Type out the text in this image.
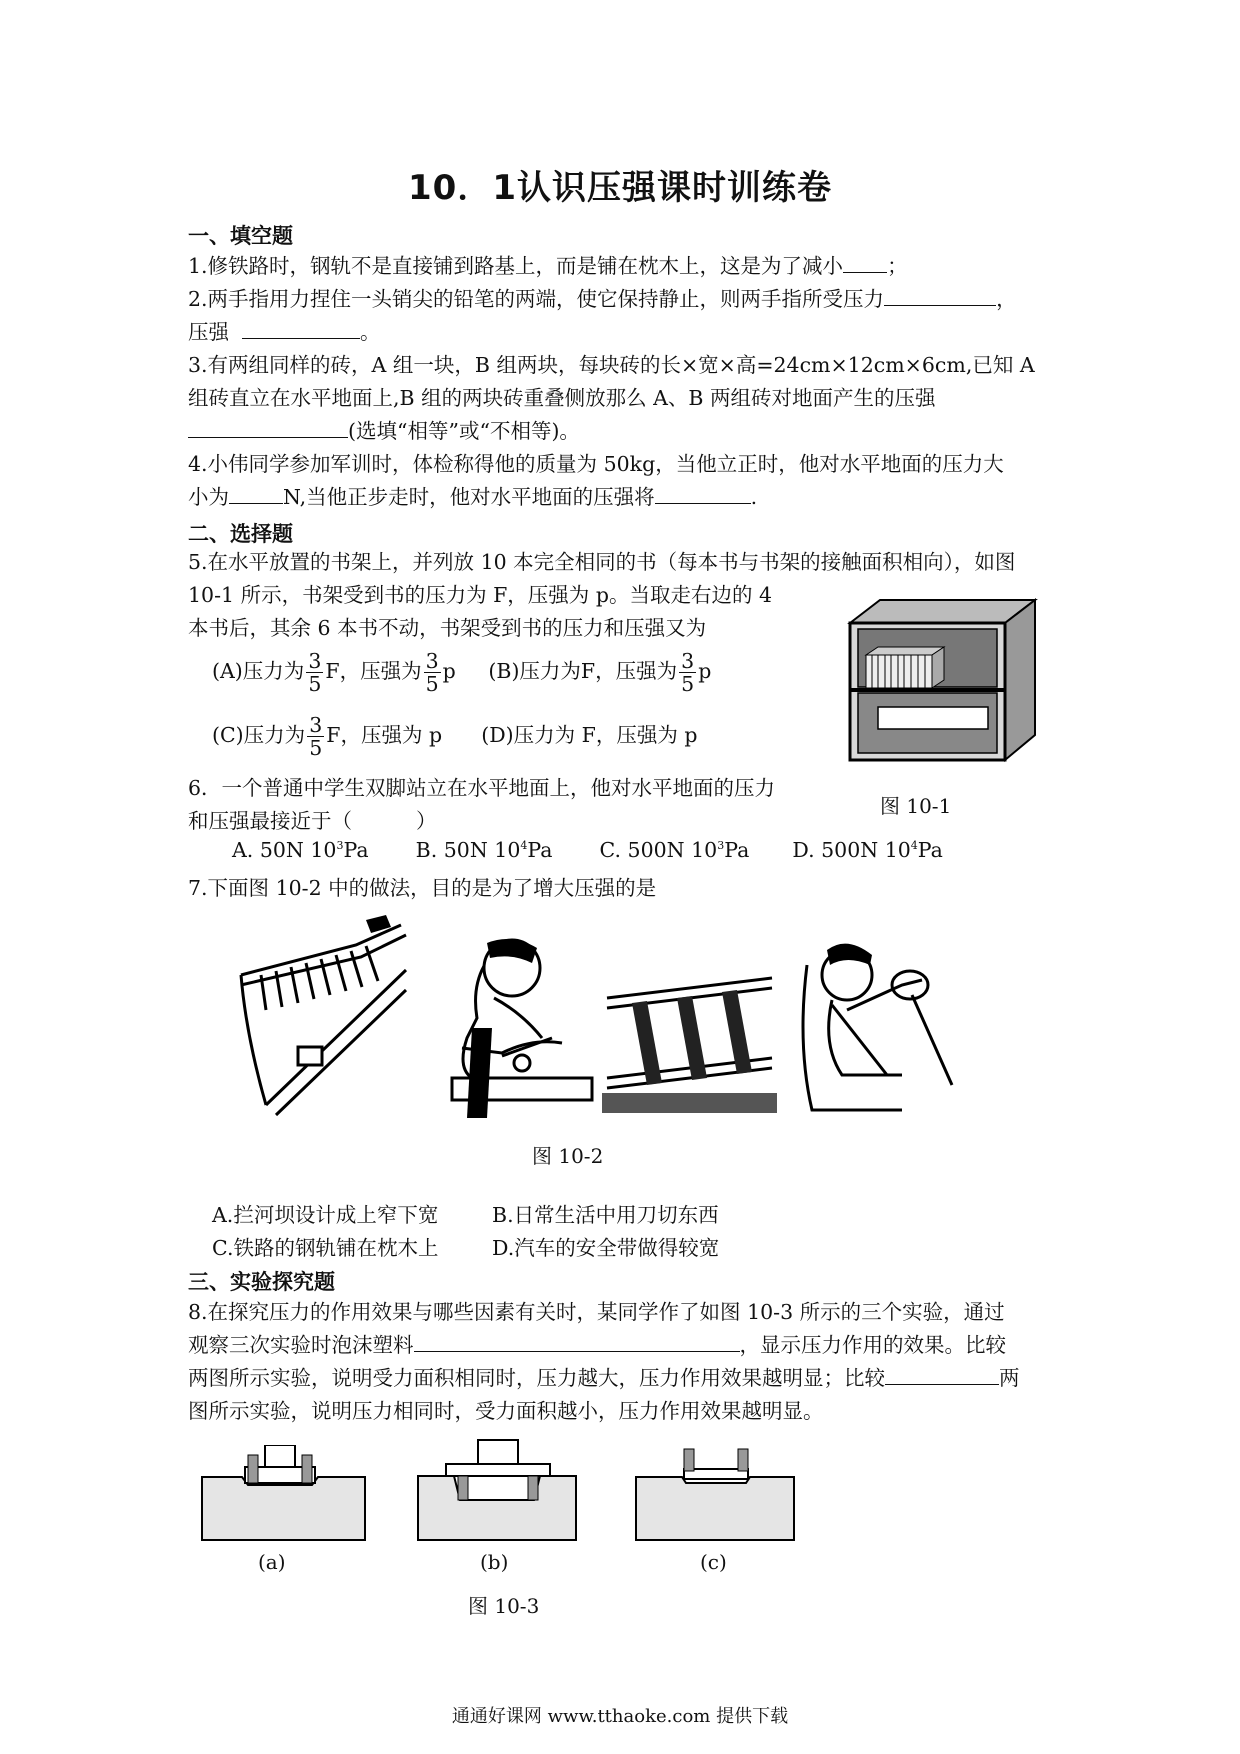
10．1认识压强课时训练卷
一、填空题
1.修铁路时，钢轨不是直接铺到路基上，而是铺在枕木上，这是为了减小 ；
2.两手指用力捏住一头销尖的铅笔的两端，使它保持静止，则两手指所受压力	，
压强	。
3.有两组同样的砖，A 组一块，B 组两块，每块砖的长×宽×高=24cm×12cm×6cm,已知 A
组砖直立在水平地面上,B 组的两块砖重叠侧放那么 A、B 两组砖对地面产生的压强
(选填“相等”或“不相等)。
4.小伟同学参加军训时，体检称得他的质量为 50kg，当他立正时，他对水平地面的压力大
小为	N,当他正步走时，他对水平地面的压强将	.
二、选择题
5.在水平放置的书架上，并列放 10 本完全相同的书（每本书与书架的接触面积相向），如图
10-1 所示，书架受到书的压力为 F，压强为 p。当取走右边的 4
本书后，其余 6 本书不动，书架受到书的压力和压强又为
(A)压力为 $\frac{3}{5}$ F，压强为 $\frac{3}{5}$ p (B)压力为F，压强为 $\frac{3}{5}$ p
(C)压力为 $\frac{3}{5}$ F，压强为 p (D)压力为 F，压强为 p
图 10-1
6．一个普通中学生双脚站立在水平地面上，他对水平地面的压力
和压强最接近于（	）
A. 50N $10^3Pa$ B. 50N $10^4Pa$ C. 500N $10^3Pa$ D. 500N $10^4Pa$
7.下面图 10-2 中的做法，目的是为了增大压强的是
图 10-2
A.拦河坝设计成上窄下宽	B.日常生活中用刀切东西
C.铁路的钢轨铺在枕木上	D.汽车的安全带做得较宽
三、实验探究题
8.在探究压力的作用效果与哪些因素有关时，某同学作了如图 10-3 所示的三个实验，通过
观察三次实验时泡沫塑料	，显示压力作用的效果。比较
两图所示实验，说明受力面积相同时，压力越大，压力作用效果越明显；比较	两
图所示实验，说明压力相同时，受力面积越小，压力作用效果越明显。
(a)	(b)	(c)
图 10-3
通通好课网 www.tthaoke.com 提供下载
